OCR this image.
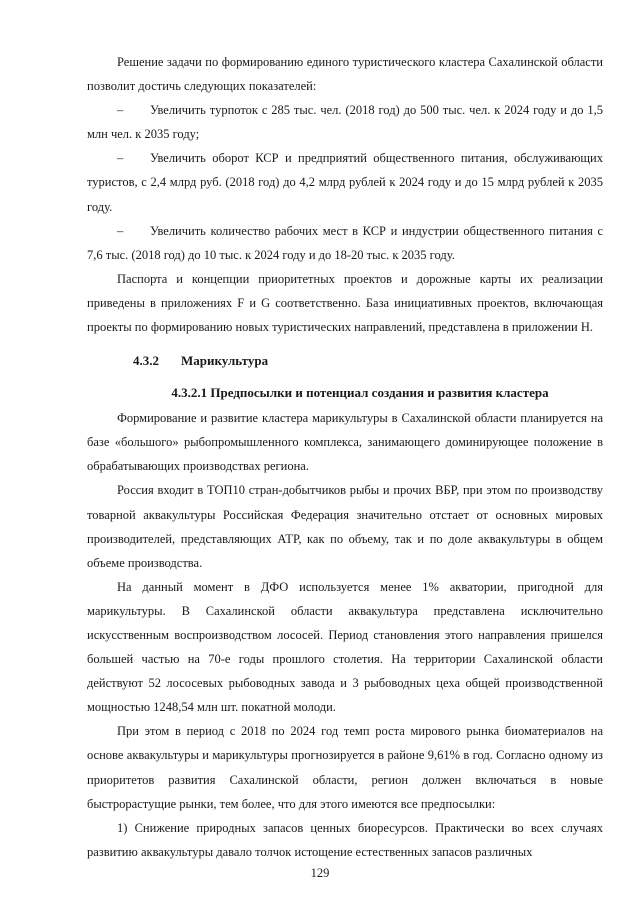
Решение задачи по формированию единого туристического кластера Сахалинской области позволит достичь следующих показателей:

– Увеличить турпоток с 285 тыс. чел. (2018 год) до 500 тыс. чел. к 2024 году и до 1,5 млн чел. к 2035 году;

– Увеличить оборот КСР и предприятий общественного питания, обслуживающих туристов, с 2,4 млрд руб. (2018 год) до 4,2 млрд рублей к 2024 году и до 15 млрд рублей к 2035 году.

– Увеличить количество рабочих мест в КСР и индустрии общественного питания с 7,6 тыс. (2018 год) до 10 тыс. к 2024 году и до 18-20 тыс. к 2035 году.

Паспорта и концепции приоритетных проектов и дорожные карты их реализации приведены в приложениях F и G соответственно. База инициативных проектов, включающая проекты по формированию новых туристических направлений, представлена в приложении H.

4.3.2 Марикультура
4.3.2.1 Предпосылки и потенциал создания и развития кластера

Формирование и развитие кластера марикультуры в Сахалинской области планируется на базе «большого» рыбопромышленного комплекса, занимающего доминирующее положение в обрабатывающих производствах региона.

Россия входит в ТОП10 стран-добытчиков рыбы и прочих ВБР, при этом по производству товарной аквакультуры Российская Федерация значительно отстает от основных мировых производителей, представляющих АТР, как по объему, так и по доле аквакультуры в общем объеме производства.

На данный момент в ДФО используется менее 1% акватории, пригодной для марикультуры. В Сахалинской области аквакультура представлена исключительно искусственным воспроизводством лососей. Период становления этого направления пришелся большей частью на 70-е годы прошлого столетия. На территории Сахалинской области действуют 52 лососевых рыбоводных завода и 3 рыбоводных цеха общей производственной мощностью 1248,54 млн шт. покатной молоди.

При этом в период с 2018 по 2024 год темп роста мирового рынка биоматериалов на основе аквакультуры и марикультуры прогнозируется в районе 9,61% в год. Согласно одному из приоритетов развития Сахалинской области, регион должен включаться в новые быстрорастущие рынки, тем более, что для этого имеются все предпосылки:

1) Снижение природных запасов ценных биоресурсов. Практически во всех случаях развитию аквакультуры давало толчок истощение естественных запасов различных

129
